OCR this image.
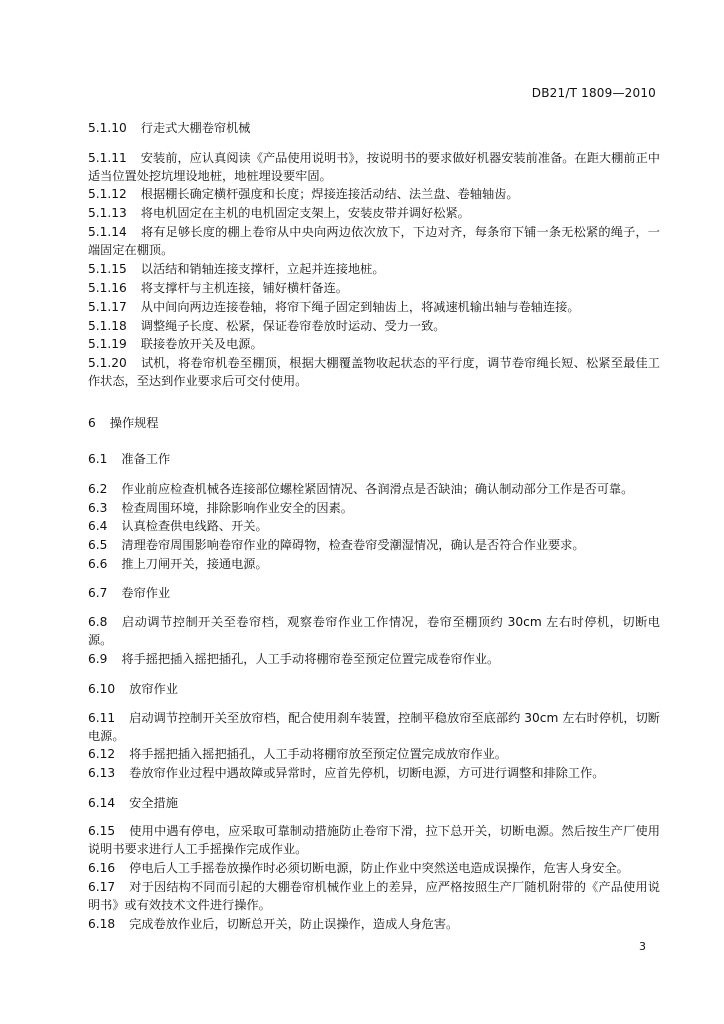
DB21/T 1809—2010
5.1.10 行走式大棚卷帘机械
5.1.11 安装前，应认真阅读《产品使用说明书》，按说明书的要求做好机器安装前准备。在距大棚前正中适当位置处挖坑埋设地桩，地桩埋设要牢固。
5.1.12 根据棚长确定横杆强度和长度；焊接连接活动结、法兰盘、卷轴轴齿。
5.1.13 将电机固定在主机的电机固定支架上，安装皮带并调好松紧。
5.1.14 将有足够长度的棚上卷帘从中央向两边依次放下，下边对齐，每条帘下铺一条无松紧的绳子，一端固定在棚顶。
5.1.15 以活结和销轴连接支撑杆，立起并连接地桩。
5.1.16 将支撑杆与主机连接，铺好横杆备连。
5.1.17 从中间向两边连接卷轴，将帘下绳子固定到轴齿上，将减速机输出轴与卷轴连接。
5.1.18 调整绳子长度、松紧，保证卷帘卷放时运动、受力一致。
5.1.19 联接卷放开关及电源。
5.1.20 试机，将卷帘机卷至棚顶，根据大棚覆盖物收起状态的平行度，调节卷帘绳长短、松紧至最佳工作状态，至达到作业要求后可交付使用。
6 操作规程
6.1 准备工作
6.2 作业前应检查机械各连接部位螺栓紧固情况、各润滑点是否缺油；确认制动部分工作是否可靠。
6.3 检查周围环境，排除影响作业安全的因素。
6.4 认真检查供电线路、开关。
6.5 清理卷帘周围影响卷帘作业的障碍物，检查卷帘受潮湿情况，确认是否符合作业要求。
6.6 推上刀闸开关，接通电源。
6.7 卷帘作业
6.8 启动调节控制开关至卷帘档，观察卷帘作业工作情况，卷帘至棚顶约 30cm 左右时停机，切断电源。
6.9 将手摇把插入摇把插孔，人工手动将棚帘卷至预定位置完成卷帘作业。
6.10 放帘作业
6.11 启动调节控制开关至放帘档，配合使用刹车装置，控制平稳放帘至底部约 30cm 左右时停机，切断电源。
6.12 将手摇把插入摇把插孔，人工手动将棚帘放至预定位置完成放帘作业。
6.13 卷放帘作业过程中遇故障或异常时，应首先停机，切断电源，方可进行调整和排除工作。
6.14 安全措施
6.15 使用中遇有停电，应采取可靠制动措施防止卷帘下滑，拉下总开关，切断电源。然后按生产厂使用说明书要求进行人工手摇操作完成作业。
6.16 停电后人工手摇卷放操作时必须切断电源，防止作业中突然送电造成误操作，危害人身安全。
6.17 对于因结构不同而引起的大棚卷帘机械作业上的差异，应严格按照生产厂随机附带的《产品使用说明书》或有效技术文件进行操作。
6.18 完成卷放作业后，切断总开关，防止误操作，造成人身危害。
3
